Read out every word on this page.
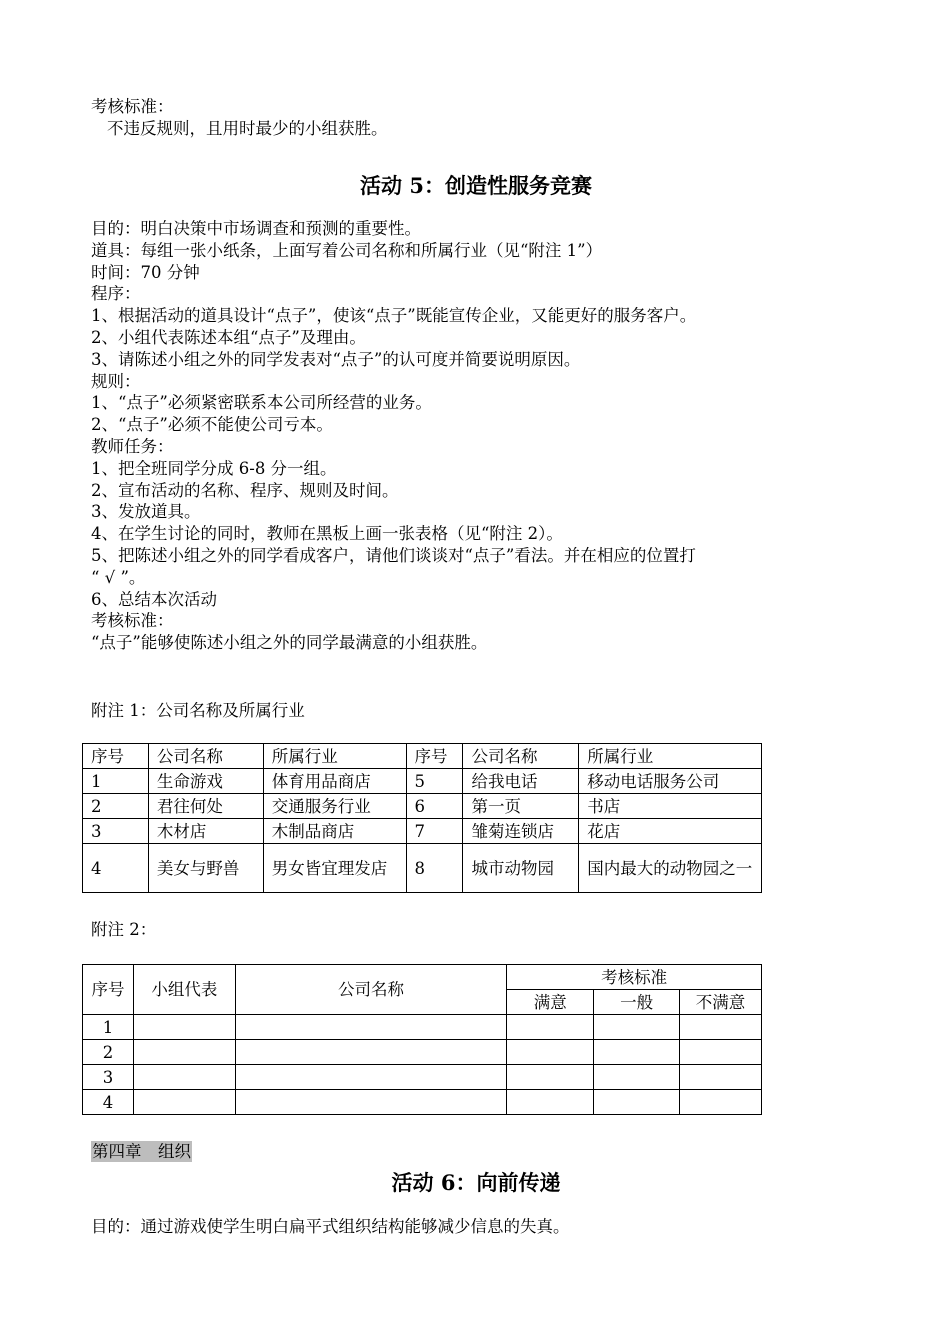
考核标准：
不违反规则，且用时最少的小组获胜。
活动 5：创造性服务竞赛
目的：明白决策中市场调查和预测的重要性。
道具：每组一张小纸条，上面写着公司名称和所属行业（见“附注 1”）
时间：70 分钟
程序：
1、根据活动的道具设计“点子”，使该“点子”既能宣传企业，又能更好的服务客户。
2、小组代表陈述本组“点子”及理由。
3、请陈述小组之外的同学发表对“点子”的认可度并简要说明原因。
规则：
1、“点子”必须紧密联系本公司所经营的业务。
2、“点子”必须不能使公司亏本。
教师任务：
1、把全班同学分成 6-8 分一组。
2、宣布活动的名称、程序、规则及时间。
3、发放道具。
4、在学生讨论的同时，教师在黑板上画一张表格（见“附注 2）。
5、把陈述小组之外的同学看成客户，请他们谈谈对“点子”看法。并在相应的位置打
“ √ ”。
6、总结本次活动
考核标准：
“点子”能够使陈述小组之外的同学最满意的小组获胜。
附注 1：公司名称及所属行业
序号	公司名称	所属行业	序号	公司名称	所属行业
1	生命游戏	体育用品商店	5	给我电话	移动电话服务公司
2	君往何处	交通服务行业	6	第一页	书店
3	木材店	木制品商店	7	雏菊连锁店	花店
4	美女与野兽	男女皆宜理发店	8	城市动物园	国内最大的动物园之一
附注 2：
序号	小组代表	公司名称	考核标准		
			满意	一般	不满意
1					
2					
3					
4					
第四章　组织
活动 6：向前传递
目的：通过游戏使学生明白扁平式组织结构能够减少信息的失真。
